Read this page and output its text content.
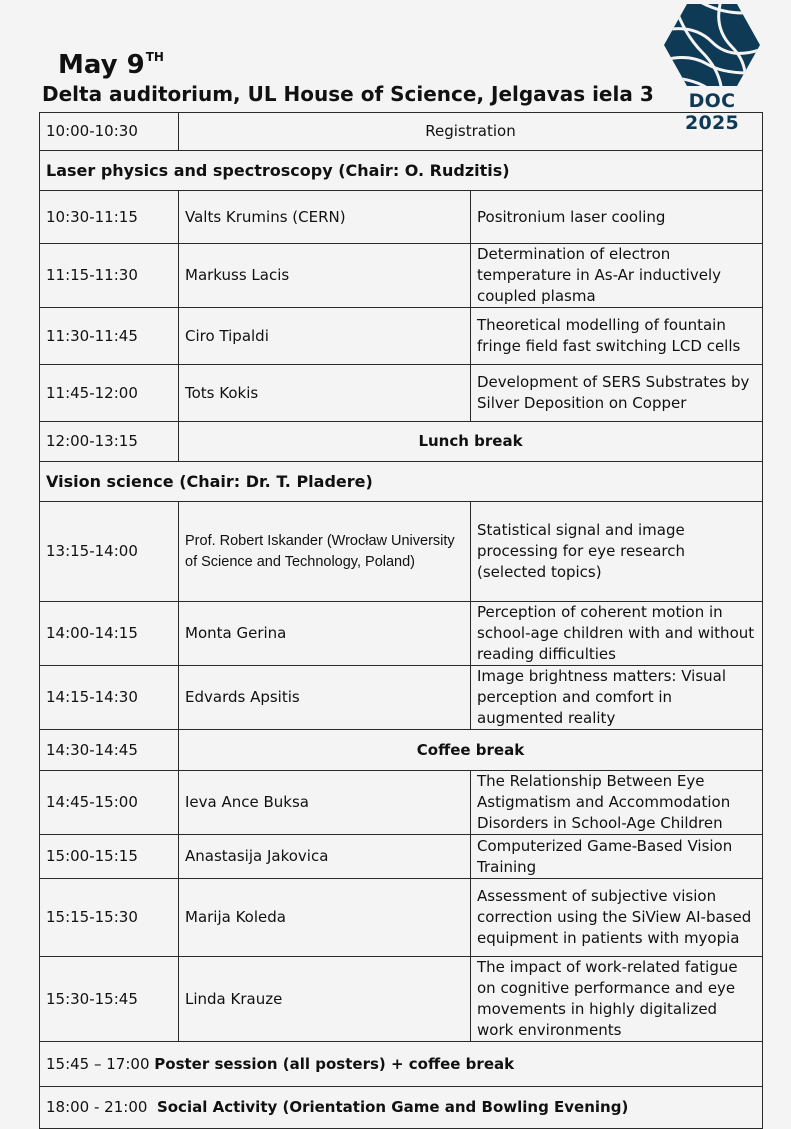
May 9TH
Delta auditorium, UL House of Science, Jelgavas iela 3	DOC 2025
10:00-10:30	Registration	
Laser physics and spectroscopy (Chair: O. Rudzitis)		
10:30-11:15	Valts Krumins (CERN)	Positronium laser cooling
11:15-11:30	Markuss Lacis	Determination of electron temperature in As-Ar inductively coupled plasma
11:30-11:45	Ciro Tipaldi	Theoretical modelling of fountain fringe field fast switching LCD cells
11:45-12:00	Tots Kokis	Development of SERS Substrates by Silver Deposition on Copper
12:00-13:15	Lunch break	
Vision science (Chair: Dr. T. Pladere)		
13:15-14:00	Prof. Robert Iskander (Wrocław University of Science and Technology, Poland)	Statistical signal and image processing for eye research (selected topics)
14:00-14:15	Monta Gerina	Perception of coherent motion in school-age children with and without reading difficulties
14:15-14:30	Edvards Apsitis	Image brightness matters: Visual perception and comfort in augmented reality
14:30-14:45	Coffee break	
14:45-15:00	Ieva Ance Buksa	The Relationship Between Eye Astigmatism and Accommodation Disorders in School-Age Children
15:00-15:15	Anastasija Jakovica	Computerized Game-Based Vision Training
15:15-15:30	Marija Koleda	Assessment of subjective vision correction using the SiView AI-based equipment in patients with myopia
15:30-15:45	Linda Krauze	The impact of work-related fatigue on cognitive performance and eye movements in highly digitalized work environments
15:45 – 17:00 Poster session (all posters) + coffee break		
18:00 - 21:00 Social Activity (Orientation Game and Bowling Evening)		
